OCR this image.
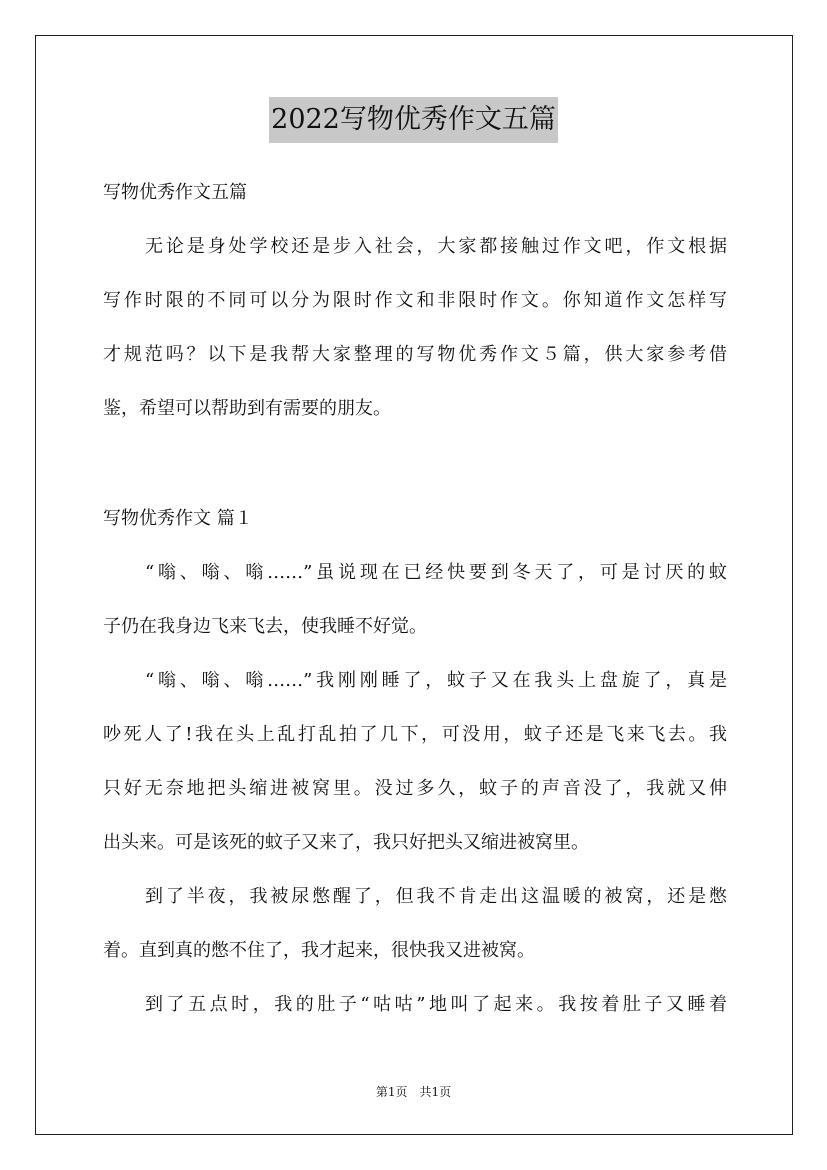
2022写物优秀作文五篇
写物优秀作文五篇
无论是身处学校还是步入社会，大家都接触过作文吧，作文根据
写作时限的不同可以分为限时作文和非限时作文。你知道作文怎样写
才规范吗？以下是我帮大家整理的写物优秀作文５篇，供大家参考借
鉴，希望可以帮助到有需要的朋友。
写物优秀作文 篇１
“嗡、嗡、嗡……”虽说现在已经快要到冬天了，可是讨厌的蚊
子仍在我身边飞来飞去，使我睡不好觉。
“嗡、嗡、嗡……”我刚刚睡了，蚊子又在我头上盘旋了，真是
吵死人了!我在头上乱打乱拍了几下，可没用，蚊子还是飞来飞去。我
只好无奈地把头缩进被窝里。没过多久，蚊子的声音没了，我就又伸
出头来。可是该死的蚊子又来了，我只好把头又缩进被窝里。
到了半夜，我被尿憋醒了，但我不肯走出这温暖的被窝，还是憋
着。直到真的憋不住了，我才起来，很快我又进被窝。
到了五点时，我的肚子“咕咕”地叫了起来。我按着肚子又睡着
第1页　共1页
